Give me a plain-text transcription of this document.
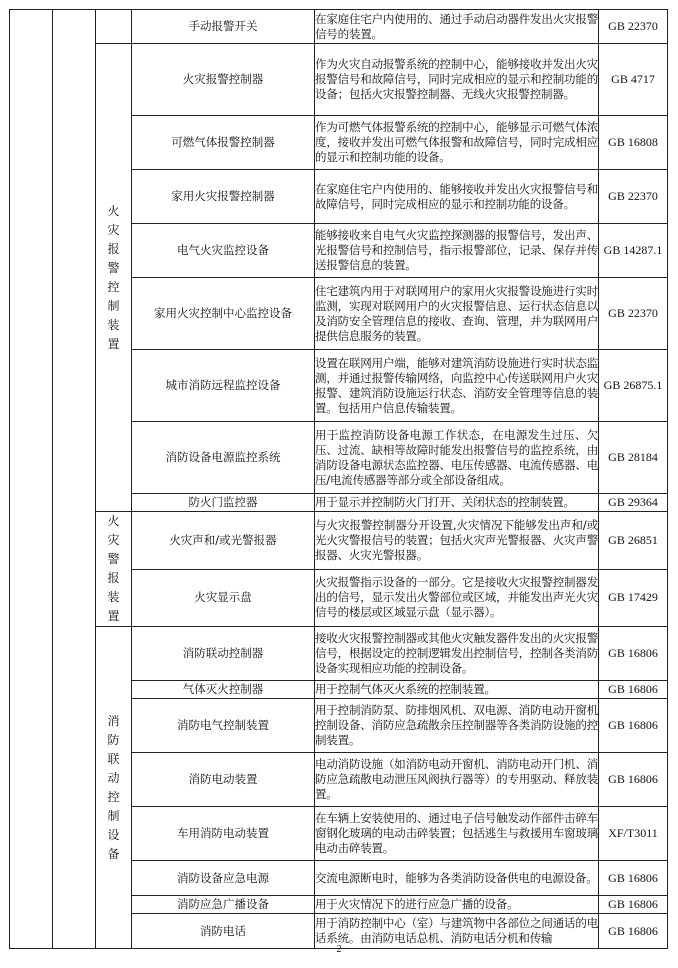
			手动报警开关	在家庭住宅户内使用的、通过手动启动器件发出火灾报警信号的装置。	GB 22370
		火灾报警控制装置	火灾报警控制器	作为火灾自动报警系统的控制中心，能够接收并发出火灾报警信号和故障信号，同时完成相应的显示和控制功能的设备；包括火灾报警控制器、无线火灾报警控制器。	GB 4717
			可燃气体报警控制器	作为可燃气体报警系统的控制中心，能够显示可燃气体浓度，接收并发出可燃气体报警和故障信号，同时完成相应的显示和控制功能的设备。	GB 16808
			家用火灾报警控制器	在家庭住宅户内使用的、能够接收并发出火灾报警信号和故障信号，同时完成相应的显示和控制功能的设备。	GB 22370
			电气火灾监控设备	能够接收来自电气火灾监控探测器的报警信号，发出声、光报警信号和控制信号，指示报警部位，记录、保存并传送报警信息的装置。	GB 14287.1
			家用火灾控制中心监控设备	住宅建筑内用于对联网用户的家用火灾报警设施进行实时监测，实现对联网用户的火灾报警信息、运行状态信息以及消防安全管理信息的接收、查询、管理，并为联网用户提供信息服务的装置。	GB 22370
			城市消防远程监控设备	设置在联网用户端，能够对建筑消防设施进行实时状态监测，并通过报警传输网络，向监控中心传送联网用户火灾报警、建筑消防设施运行状态、消防安全管理等信息的装置。包括用户信息传输装置。	GB 26875.1
			消防设备电源监控系统	用于监控消防设备电源工作状态，在电源发生过压、欠压、过流、缺相等故障时能发出报警信号的监控系统，由消防设备电源状态监控器、电压传感器、电流传感器、电压/电流传感器等部分或全部设备组成。	GB 28184
			防火门监控器	用于显示并控制防火门打开、关闭状态的控制装置。	GB 29364
		火灾警报装置	火灾声和/或光警报器	与火灾报警控制器分开设置,火灾情况下能够发出声和/或光火灾警报信号的装置；包括火灾声光警报器、火灾声警报器、火灾光警报器。	GB 26851
			火灾显示盘	火灾报警指示设备的一部分。它是接收火灾报警控制器发出的信号，显示发出火警部位或区域，并能发出声光火灾信号的楼层或区域显示盘（显示器）。	GB 17429
		消防联动控制设备	消防联动控制器	接收火灾报警控制器或其他火灾触发器件发出的火灾报警信号，根据设定的控制逻辑发出控制信号，控制各类消防设备实现相应功能的控制设备。	GB 16806
			气体灭火控制器	用于控制气体灭火系统的控制装置。	GB 16806
			消防电气控制装置	用于控制消防泵、防排烟风机、双电源、消防电动开窗机控制设备、消防应急疏散余压控制器等各类消防设施的控制装置。	GB 16806
			消防电动装置	电动消防设施（如消防电动开窗机、消防电动开门机、消防应急疏散电动泄压风阀执行器等）的专用驱动、释放装置。	GB 16806
			车用消防电动装置	在车辆上安装使用的、通过电子信号触发动作部件击碎车窗钢化玻璃的电动击碎装置；包括逃生与救援用车窗玻璃电动击碎装置。	XF/T3011
			消防设备应急电源	交流电源断电时，能够为各类消防设备供电的电源设备。	GB 16806
			消防应急广播设备	用于火灾情况下的进行应急广播的设备。	GB 16806
			消防电话	用于消防控制中心（室）与建筑物中各部位之间通话的电话系统。由消防电话总机、消防电话分机和传输	GB 16806
2
